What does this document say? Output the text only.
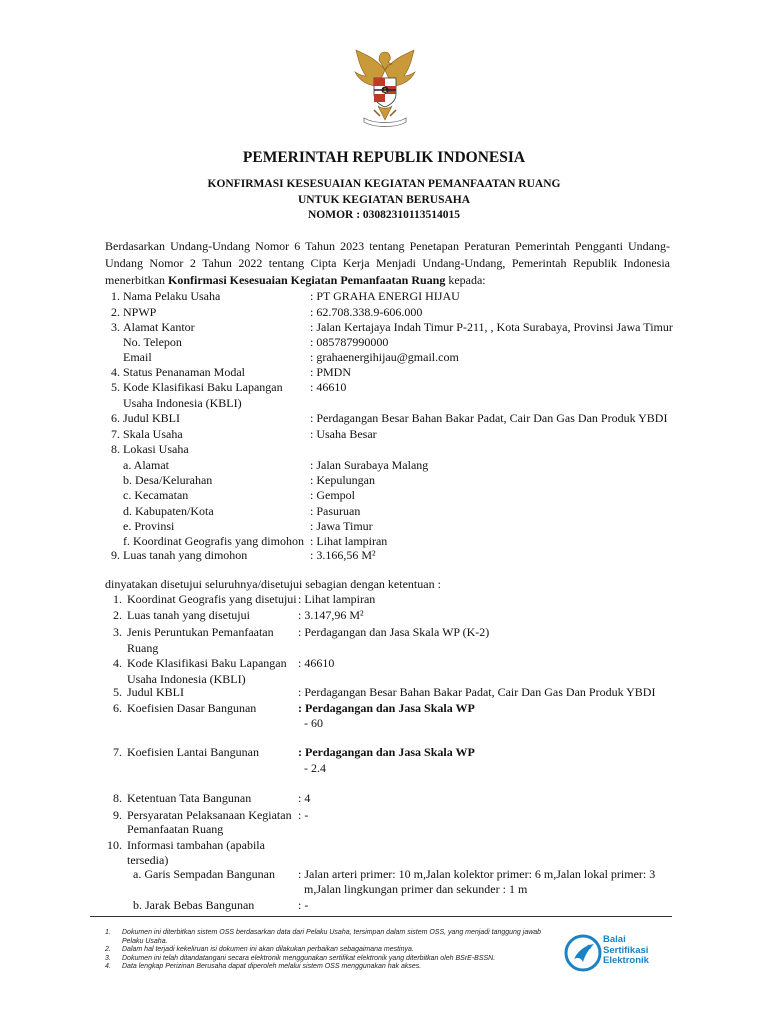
PEMERINTAH REPUBLIK INDONESIA
KONFIRMASI KESESUAIAN KEGIATAN PEMANFAATAN RUANG
UNTUK KEGIATAN BERUSAHA
NOMOR : 03082310113514015

Berdasarkan Undang-Undang Nomor 6 Tahun 2023 tentang Penetapan Peraturan Pemerintah Pengganti Undang-Undang Nomor 2 Tahun 2022 tentang Cipta Kerja Menjadi Undang-Undang, Pemerintah Republik Indonesia menerbitkan Konfirmasi Kesesuaian Kegiatan Pemanfaatan Ruang kepada:

1. Nama Pelaku Usaha	: PT GRAHA ENERGI HIJAU
2. NPWP	: 62.708.338.9-606.000
3. Alamat Kantor	: Jalan Kertajaya Indah Timur P-211, , Kota Surabaya, Provinsi Jawa Timur
No. Telepon	: 085787990000
Email	: grahaenergihijau@gmail.com
4. Status Penanaman Modal	: PMDN
5. Kode Klasifikasi Baku Lapangan : 46610
Usaha Indonesia (KBLI)
6. Judul KBLI	: Perdagangan Besar Bahan Bakar Padat, Cair Dan Gas Dan Produk YBDI
7. Skala Usaha	: Usaha Besar
8. Lokasi Usaha
a. Alamat	: Jalan Surabaya Malang
b. Desa/Kelurahan	: Kepulungan
c. Kecamatan	: Gempol
d. Kabupaten/Kota	: Pasuruan
e. Provinsi	: Jawa Timur
f. Koordinat Geografis yang dimohon : Lihat lampiran
9. Luas tanah yang dimohon	: 3.166,56 M²
dinyatakan disetujui seluruhnya/disetujui sebagian dengan ketentuan :
1. Koordinat Geografis yang disetujui : Lihat lampiran
2. Luas tanah yang disetujui	: 3.147,96 M²
3. Jenis Peruntukan Pemanfaatan : Perdagangan dan Jasa Skala WP (K-2)
Ruang
4. Kode Klasifikasi Baku Lapangan : 46610
Usaha Indonesia (KBLI)
5. Judul KBLI	: Perdagangan Besar Bahan Bakar Padat, Cair Dan Gas Dan Produk YBDI
6. Koefisien Dasar Bangunan	: Perdagangan dan Jasa Skala WP
- 60
7. Koefisien Lantai Bangunan	: Perdagangan dan Jasa Skala WP
- 2.4
8. Ketentuan Tata Bangunan	: 4
9. Persyaratan Pelaksanaan Kegiatan : -
Pemanfaatan Ruang
10. Informasi tambahan (apabila
tersedia)
a. Garis Sempadan Bangunan : Jalan arteri primer: 10 m,Jalan kolektor primer: 6 m,Jalan lokal primer: 3
m,Jalan lingkungan primer dan sekunder : 1 m
b. Jarak Bebas Bangunan	: -
1. Dokumen ini diterbitkan sistem OSS berdasarkan data dari Pelaku Usaha, tersimpan dalam sistem OSS, yang menjadi tanggung jawab Pelaku Usaha.
2. Dalam hal terjadi kekeliruan isi dokumen ini akan dilakukan perbaikan sebagaimana mestinya.
3. Dokumen ini telah ditandatangani secara elektronik menggunakan sertifikat elektronik yang diterbitkan oleh BSrE-BSSN.
4. Data lengkap Perizinan Berusaha dapat diperoleh melalui sistem OSS menggunakan hak akses.
Balai
Sertifikasi
Elektronik
